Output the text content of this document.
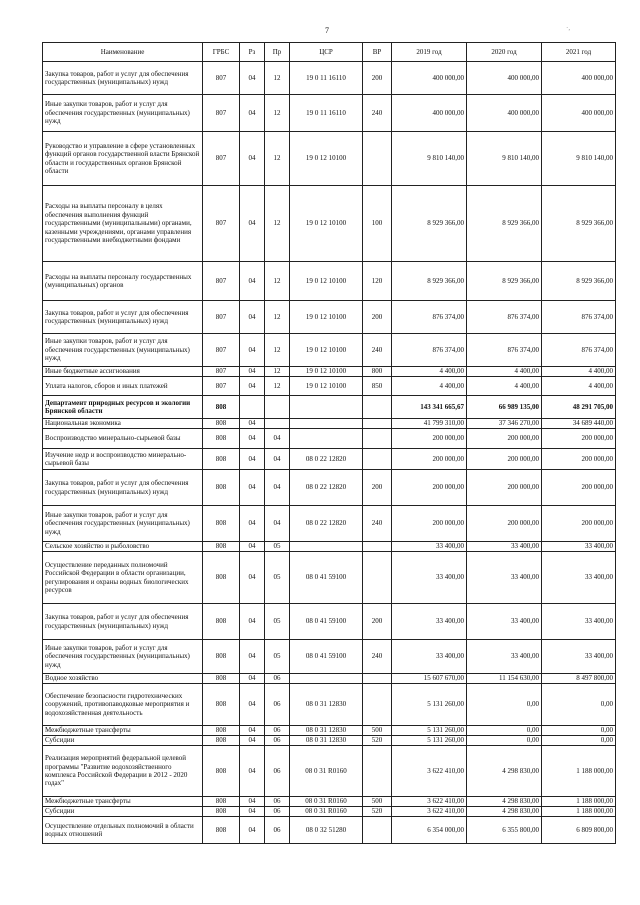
7	·,
Наименование	ГРБС	Рз	Пр	ЦСР	ВР	2019 год	2020 год	2021 год
Закупка товаров, работ и услуг для обеспечения государственных (муниципальных) нужд	807	04	12	19 0 11 16110	200	400 000,00	400 000,00	400 000,00
Иные закупки товаров, работ и услуг для обеспечения государственных (муниципальных) нужд	807	04	12	19 0 11 16110	240	400 000,00	400 000,00	400 000,00
Руководство и управление в сфере установленных функций органов государственной власти Брянской области и государственных органов Брянской области	807	04	12	19 0 12 10100		9 810 140,00	9 810 140,00	9 810 140,00
Расходы на выплаты персоналу в целях обеспечения выполнения функций государственными (муниципальными) органами, казенными учреждениями, органами управления государственными внебюджетными фондами	807	04	12	19 0 12 10100	100	8 929 366,00	8 929 366,00	8 929 366,00
Расходы на выплаты персоналу государственных (муниципальных) органов	807	04	12	19 0 12 10100	120	8 929 366,00	8 929 366,00	8 929 366,00
Закупка товаров, работ и услуг для обеспечения государственных (муниципальных) нужд	807	04	12	19 0 12 10100	200	876 374,00	876 374,00	876 374,00
Иные закупки товаров, работ и услуг для обеспечения государственных (муниципальных) нужд	807	04	12	19 0 12 10100	240	876 374,00	876 374,00	876 374,00
Иные бюджетные ассигнования	807	04	12	19 0 12 10100	800	4 400,00	4 400,00	4 400,00
Уплата налогов, сборов и иных платежей	807	04	12	19 0 12 10100	850	4 400,00	4 400,00	4 400,00
Департамент природных ресурсов и экологии Брянской области	808					143 341 665,67	66 989 135,00	48 291 705,00
Национальная экономика	808	04				41 799 310,00	37 346 270,00	34 689 440,00
Воспроизводство минерально-сырьевой базы	808	04	04			200 000,00	200 000,00	200 000,00
Изучение недр и воспроизводство минерально-сырьевой базы	808	04	04	08 0 22 12820		200 000,00	200 000,00	200 000,00
Закупка товаров, работ и услуг для обеспечения государственных (муниципальных) нужд	808	04	04	08 0 22 12820	200	200 000,00	200 000,00	200 000,00
Иные закупки товаров, работ и услуг для обеспечения государственных (муниципальных) нужд	808	04	04	08 0 22 12820	240	200 000,00	200 000,00	200 000,00
Сельское хозяйство и рыболовство	808	04	05			33 400,00	33 400,00	33 400,00
Осуществление переданных полномочий Российской Федерации в области организации, регулирования и охраны водных биологических ресурсов	808	04	05	08 0 41 59100		33 400,00	33 400,00	33 400,00
Закупка товаров, работ и услуг для обеспечения государственных (муниципальных) нужд	808	04	05	08 0 41 59100	200	33 400,00	33 400,00	33 400,00
Иные закупки товаров, работ и услуг для обеспечения государственных (муниципальных) нужд	808	04	05	08 0 41 59100	240	33 400,00	33 400,00	33 400,00
Водное хозяйство	808	04	06			15 607 670,00	11 154 630,00	8 497 800,00
Обеспечение безопасности гидротехнических сооружений, противопаводковые мероприятия и водохозяйственная деятельность	808	04	06	08 0 31 12830		5 131 260,00	0,00	0,00
Межбюджетные трансферты	808	04	06	08 0 31 12830	500	5 131 260,00	0,00	0,00
Субсидии	808	04	06	08 0 31 12830	520	5 131 260,00	0,00	0,00
Реализация мероприятий федеральной целевой программы "Развитие водохозяйственного комплекса Российской Федерации в 2012 - 2020 годах"	808	04	06	08 0 31 R0160		3 622 410,00	4 298 830,00	1 188 000,00
Межбюджетные трансферты	808	04	06	08 0 31 R0160	500	3 622 410,00	4 298 830,00	1 188 000,00
Субсидии	808	04	06	08 0 31 R0160	520	3 622 410,00	4 298 830,00	1 188 000,00
Осуществление отдельных полномочий в области водных отношений	808	04	06	08 0 32 51280		6 354 000,00	6 355 800,00	6 809 800,00
